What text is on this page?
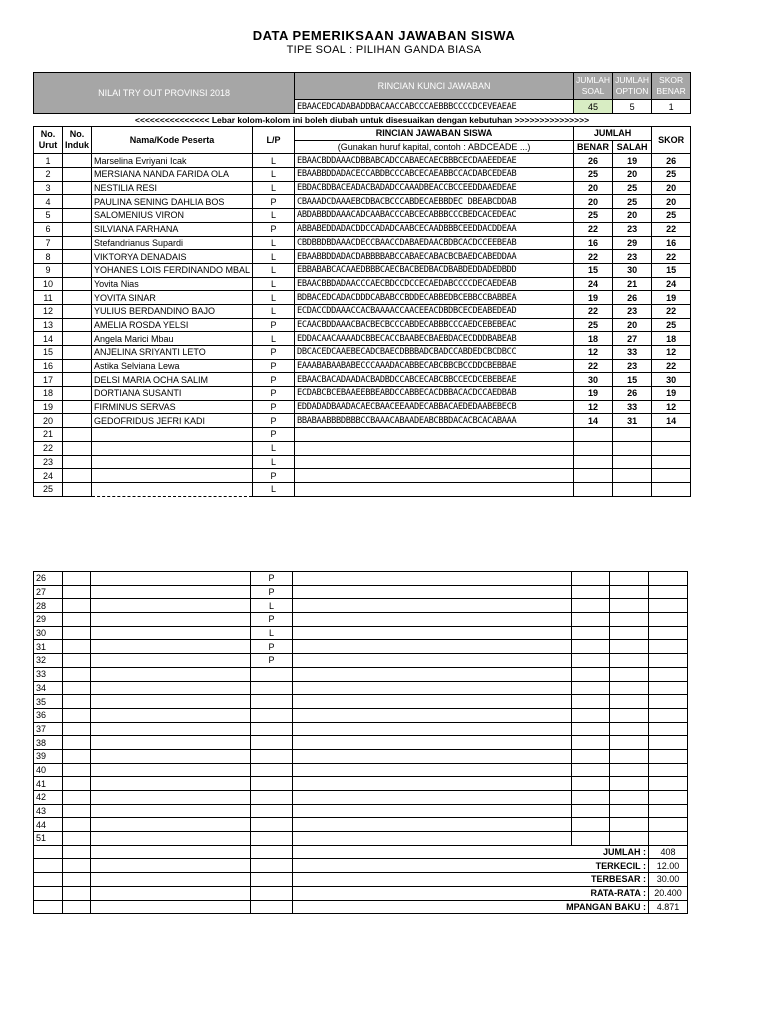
DATA PEMERIKSAAN JAWABAN SISWA
TIPE SOAL : PILIHAN GANDA BIASA
NILAI TRY OUT PROVINSI 2018				RINCIAN KUNCI JAWABAN	JUMLAH SOAL	JUMLAH OPTION	SKOR BENAR
				EBAACEDCADABADDBACAACCABCCCAEBBBCCCCDCEVEAEAE	45	5	1
<<<<<<<<<<<<<<< Lebar kolom-kolom ini boleh diubah untuk disesuaikan dengan kebutuhan >>>>>>>>>>>>>>>							
No. Urut	No. Induk	Nama/Kode Peserta	L/P	RINCIAN JAWABAN SISWA	JUMLAH		SKOR
				(Gunakan huruf kapital, contoh : ABDCEADE ...)	BENAR	SALAH	
1		Marselina Evriyani Icak	L	EBAACBDDAAACDBBABCADCCABAECAECBBBCECDAAEEDEAE	26	19	26
2		MERSIANA NANDA FARIDA OLA	L	EBAABBDDADACECCABDBCCCABCECAEABBCCACDABCEDEAB	25	20	25
3		NESTILIA RESI	L	EBDACBDBACEADACBADADCCAAADBEACCBCCEEDDAAEDEAE	20	25	20
4		PAULINA SENING DAHLIA BOS	P	CBAAADCDAAAEBCDBACBCCCABDECAEBBDEC DBEABCDDAB	20	25	20
5		SALOMENIUS VIRON	L	ABDABBDDAAACADCAABACCCABCECABBBCCCBEDCACEDEAC	25	20	25
6		SILVIANA FARHANA	P	ABBABEDDADACDDCCADADCAABCECAADBBBCEEDDACDDEAA	22	23	22
7		Stefandrianus Supardi	L	CBDBBDBDAAACDECCBAACCDABAEDAACBDBCACDCCEEBEAB	16	29	16
8		VIKTORYA DENADAIS	L	EBAABBDDADACDABBBBABCCABAECABACBCBAEDCABEDDAA	22	23	22
9		YOHANES LOIS FERDINANDO MBAL	L	EBBABABCACAAEDBBBCAECBACBEDBACDBABDEDDADEDBDD	15	30	15
10		Yovita Nias	L	EBAACBBDADAACCCAECBDCCDCCECAEDABCCCCDECAEDEAB	24	21	24
11		YOVITA SINAR	L	BDBACEDCADACDDDCABABCCBDDECABBEDBCEBBCCBABBEA	19	26	19
12		YULIUS BERDANDINO BAJO	L	ECDACCDDAAACCACBAAAACCAACEEACDBDBCECDEABEDEAD	22	23	22
13		AMELIA ROSDA YELSI	P	ECAACBDDAAACBACBECBCCCABDECABBBCCCAEDCEBEBEAC	25	20	25
14		Angela Marici Mbau	L	EDDACAACAAAADCBBECACCBAABECBAEBDACECDDDBABEAB	18	27	18
15		ANJELINA SRIYANTI LETO	P	DBCACEDCAAEBECADCBAECDBBBADCBADCCABDEDCBCDBCC	12	33	12
16		Astika Selviana Lewa	P	EAAABABAABABECCCAAADACABBECABCBBCBCCDDCBEBBAE	22	23	22
17		DELSI MARIA OCHA SALIM	P	EBAACBACADAADACBADBDCCABCECABCBBCCECDCEBEBEAE	30	15	30
18		DORTIANA SUSANTI	P	ECDABCBCEBAAEEBBEABDCCABBECACDBBACACDCCAEDBAB	19	26	19
19		FIRMINUS SERVAS	P	EDDADADBAADACAECBAACEEAADECABBACAEDEDAABEBECB	12	33	12
20		GEDOFRIDUS JEFRI KADI	P	BBABAABBBDBBBCCBAAACABAADEABCBBDACACBCACABAAA	14	31	14
21			P				
22			L				
23			L				
24			P				
25			L				
26			P				
27			P				
28			L				
29			P				
30			L				
31			P				
32			P				
33							
34							
35							
36							
37							
38							
39							
40							
41							
42							
43							
44							
51							
				JUMLAH :			408
				TERKECIL :			12.00
				TERBESAR :			30.00
				RATA-RATA :			20.400
				MPANGAN BAKU :			4.871
